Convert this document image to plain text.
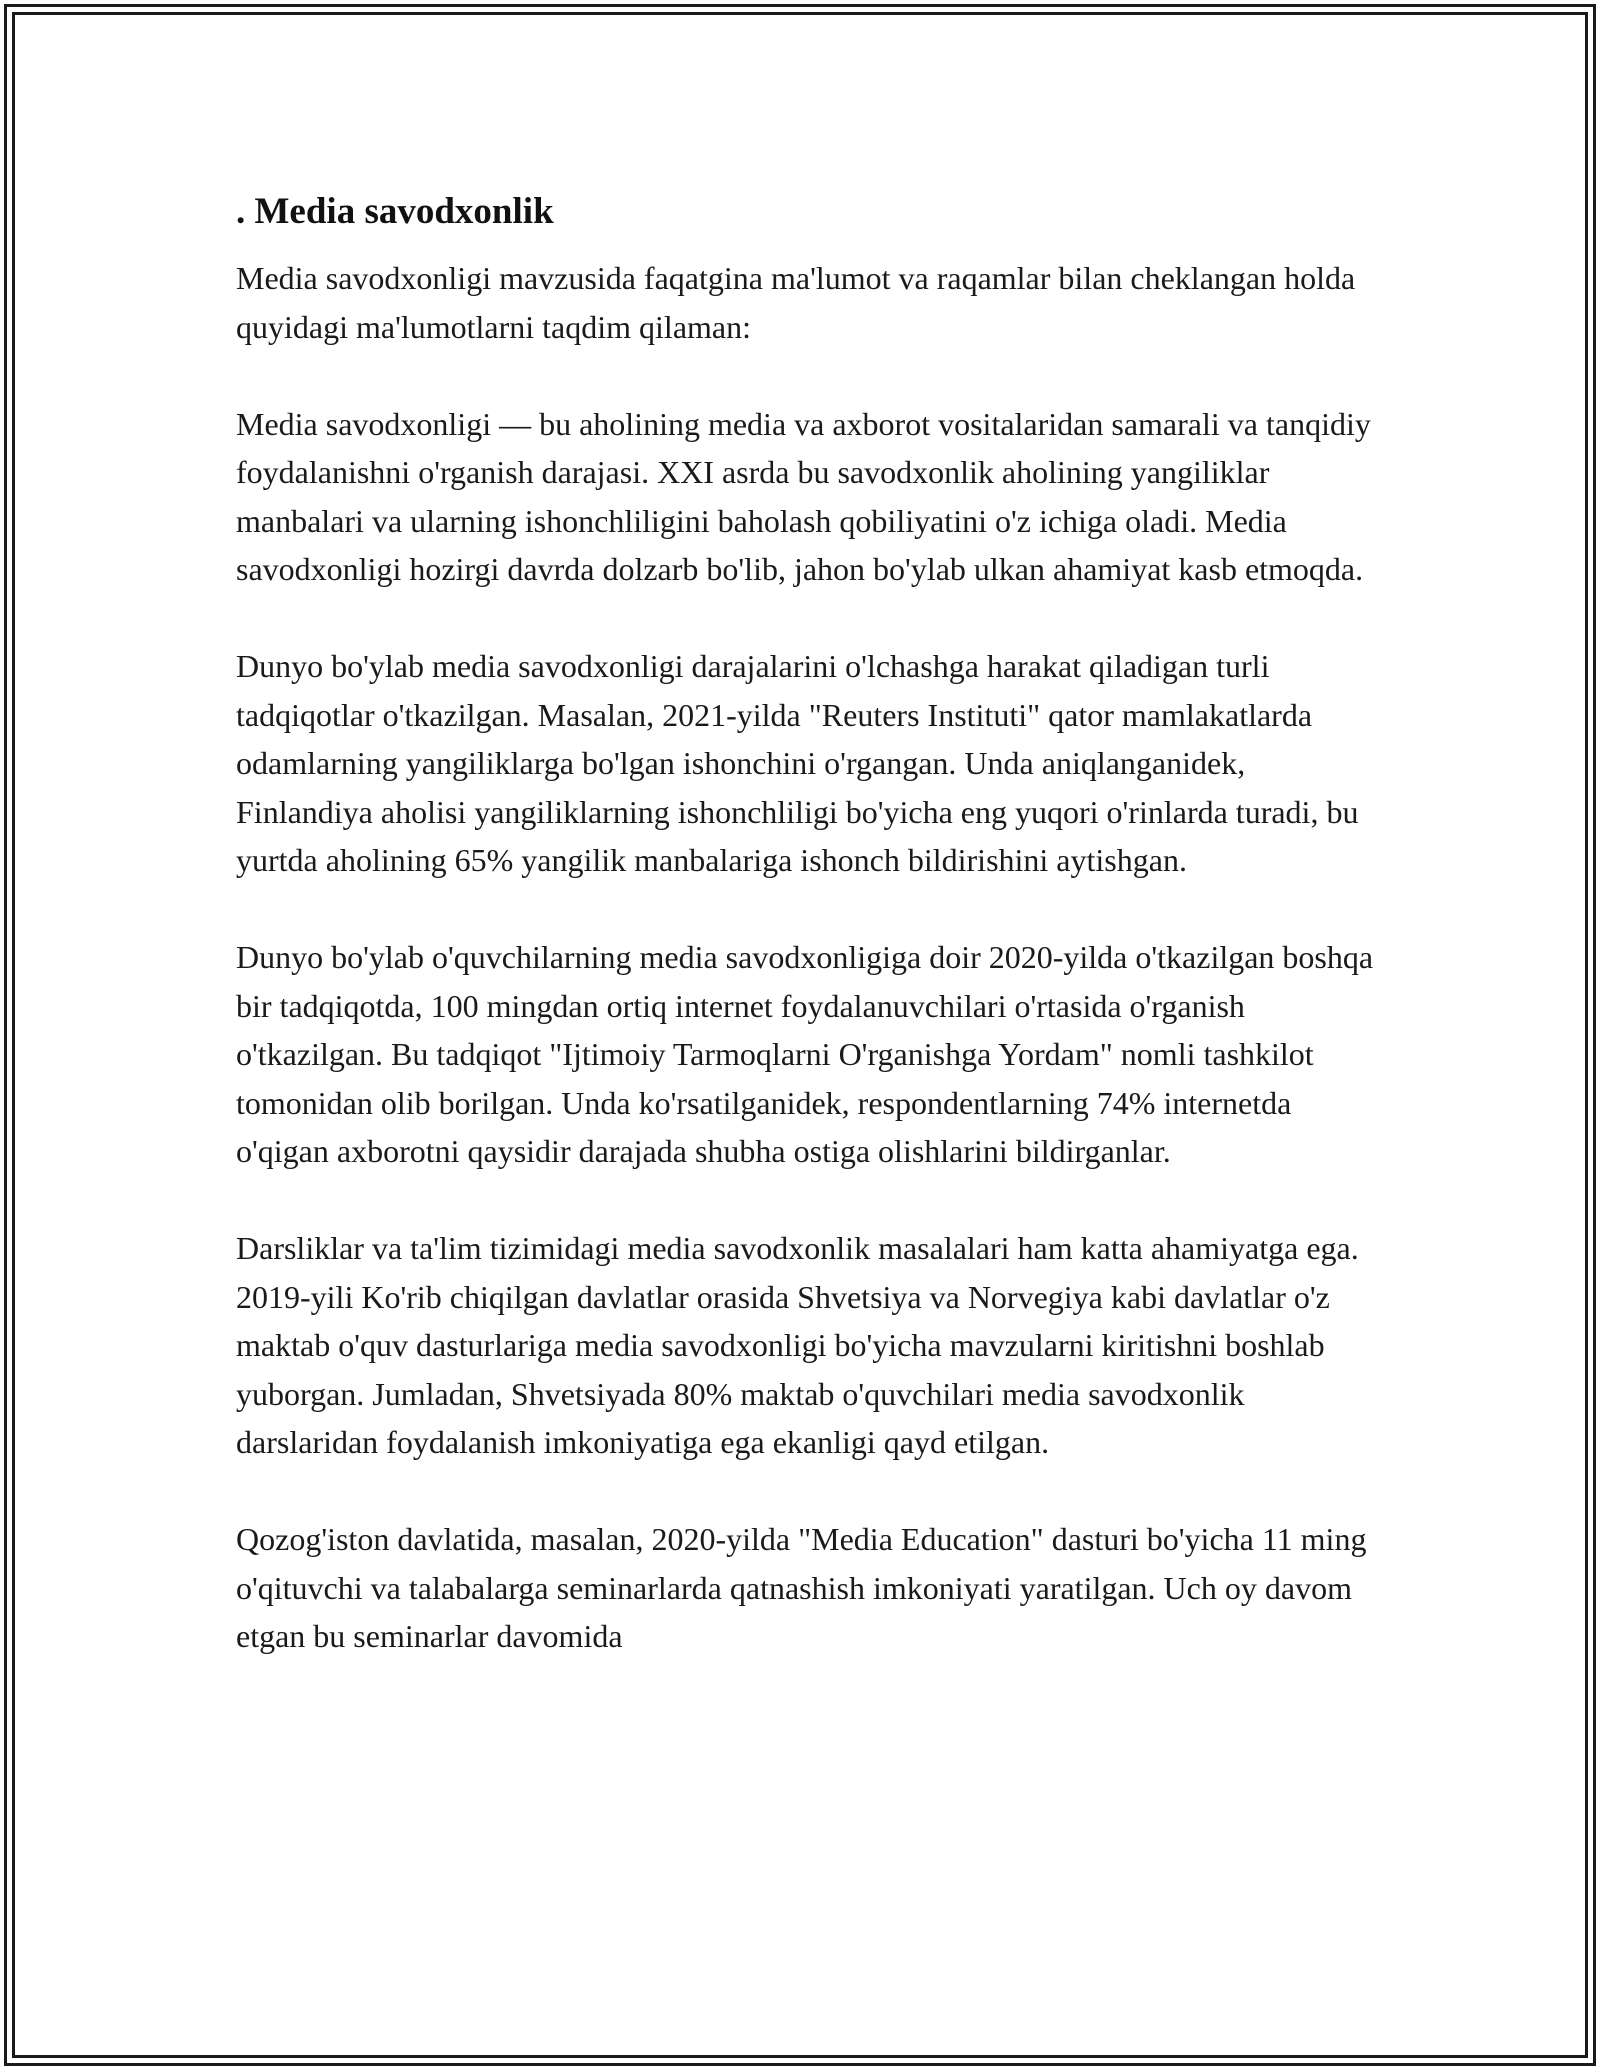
. Media savodxonlik

Media savodxonligi mavzusida faqatgina ma'lumot va raqamlar bilan cheklangan holda quyidagi ma'lumotlarni taqdim qilaman:

Media savodxonligi — bu aholining media va axborot vositalaridan samarali va tanqidiy foydalanishni o'rganish darajasi. XXI asrda bu savodxonlik aholining yangiliklar manbalari va ularning ishonchliligini baholash qobiliyatini o'z ichiga oladi. Media savodxonligi hozirgi davrda dolzarb bo'lib, jahon bo'ylab ulkan ahamiyat kasb etmoqda.

Dunyo bo'ylab media savodxonligi darajalarini o'lchashga harakat qiladigan turli tadqiqotlar o'tkazilgan. Masalan, 2021-yilda "Reuters Instituti" qator mamlakatlarda odamlarning yangiliklarga bo'lgan ishonchini o'rgangan. Unda aniqlanganidek, Finlandiya aholisi yangiliklarning ishonchliligi bo'yicha eng yuqori o'rinlarda turadi, bu yurtda aholining 65% yangilik manbalariga ishonch bildirishini aytishgan.

Dunyo bo'ylab o'quvchilarning media savodxonligiga doir 2020-yilda o'tkazilgan boshqa bir tadqiqotda, 100 mingdan ortiq internet foydalanuvchilari o'rtasida o'rganish o'tkazilgan. Bu tadqiqot "Ijtimoiy Tarmoqlarni O'rganishga Yordam" nomli tashkilot tomonidan olib borilgan. Unda ko'rsatilganidek, respondentlarning 74% internetda o'qigan axborotni qaysidir darajada shubha ostiga olishlarini bildirganlar.

Darsliklar va ta'lim tizimidagi media savodxonlik masalalari ham katta ahamiyatga ega. 2019-yili Ko'rib chiqilgan davlatlar orasida Shvetsiya va Norvegiya kabi davlatlar o'z maktab o'quv dasturlariga media savodxonligi bo'yicha mavzularni kiritishni boshlab yuborgan. Jumladan, Shvetsiyada 80% maktab o'quvchilari media savodxonlik darslaridan foydalanish imkoniyatiga ega ekanligi qayd etilgan.

Qozog'iston davlatida, masalan, 2020-yilda "Media Education" dasturi bo'yicha 11 ming o'qituvchi va talabalarga seminarlarda qatnashish imkoniyati yaratilgan. Uch oy davom etgan bu seminarlar davomida
